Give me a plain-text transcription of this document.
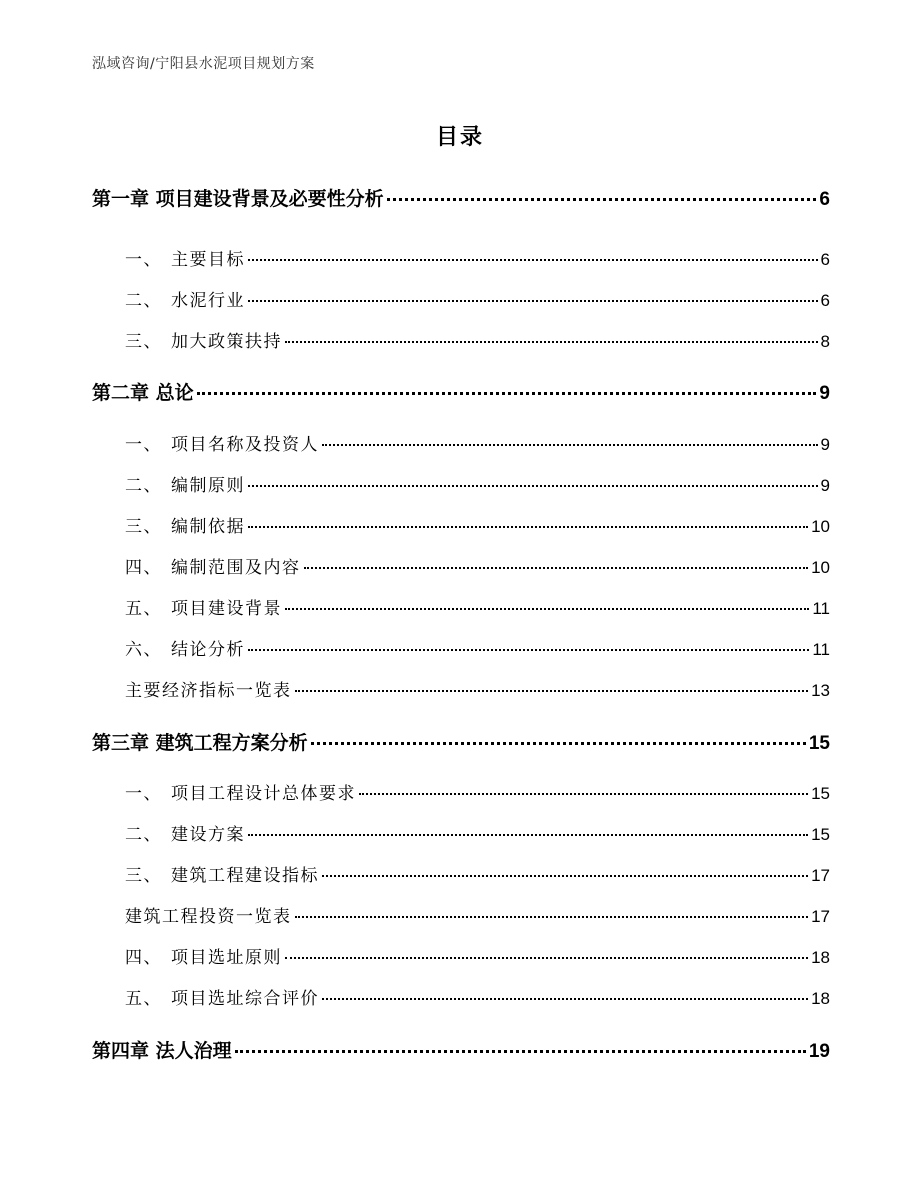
泓域咨询/宁阳县水泥项目规划方案
目录
第一章 项目建设背景及必要性分析	6
一、 主要目标	6
二、 水泥行业	6
三、 加大政策扶持	8
第二章 总论	9
一、 项目名称及投资人	9
二、 编制原则	9
三、 编制依据	10
四、 编制范围及内容	10
五、 项目建设背景	11
六、 结论分析	11
主要经济指标一览表	13
第三章 建筑工程方案分析	15
一、 项目工程设计总体要求	15
二、 建设方案	15
三、 建筑工程建设指标	17
建筑工程投资一览表	17
四、 项目选址原则	18
五、 项目选址综合评价	18
第四章 法人治理	19
